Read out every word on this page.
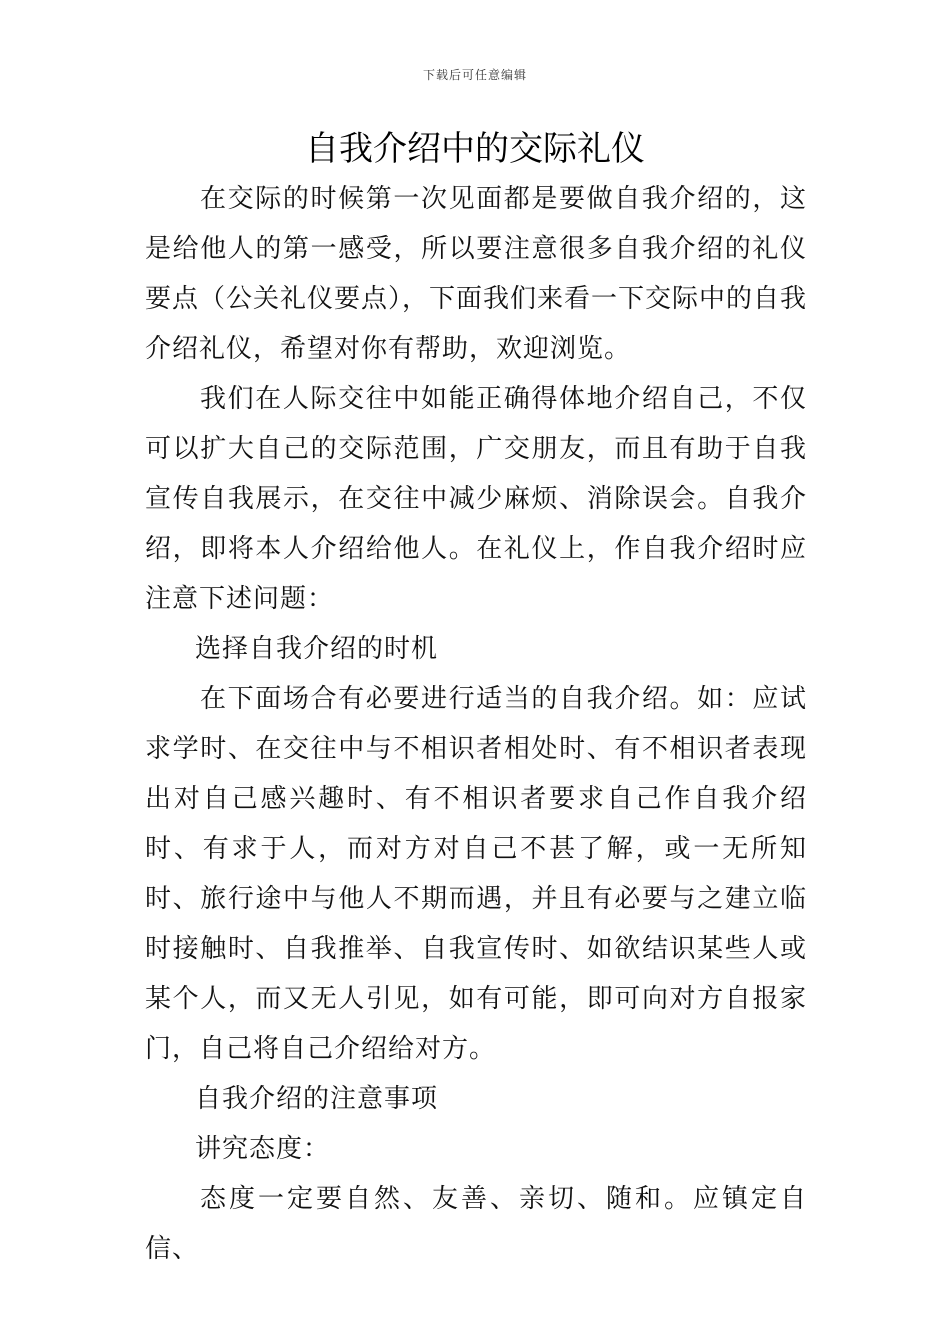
下载后可任意编辑
自我介绍中的交际礼仪

在交际的时候第一次见面都是要做自我介绍的，这是给他人的第一感受，所以要注意很多自我介绍的礼仪要点（公关礼仪要点），下面我们来看一下交际中的自我介绍礼仪，希望对你有帮助，欢迎浏览。

我们在人际交往中如能正确得体地介绍自己，不仅可以扩大自己的交际范围，广交朋友，而且有助于自我宣传自我展示，在交往中减少麻烦、消除误会。自我介绍，即将本人介绍给他人。在礼仪上，作自我介绍时应注意下述问题：

选择自我介绍的时机

在下面场合有必要进行适当的自我介绍。如：应试求学时、在交往中与不相识者相处时、有不相识者表现出对自己感兴趣时、有不相识者要求自己作自我介绍时、有求于人，而对方对自己不甚了解，或一无所知时、旅行途中与他人不期而遇，并且有必要与之建立临时接触时、自我推举、自我宣传时、如欲结识某些人或某个人，而又无人引见，如有可能，即可向对方自报家门，自己将自己介绍给对方。

自我介绍的注意事项

讲究态度：

态度一定要自然、友善、亲切、随和。应镇定自信、
